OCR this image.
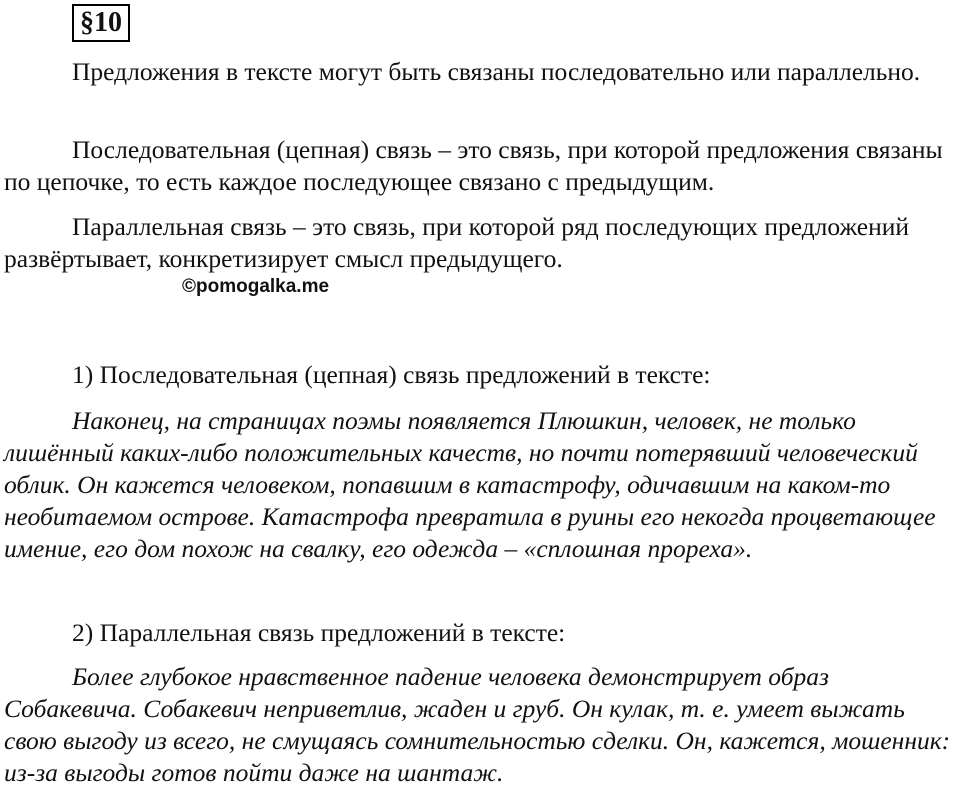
§10

Предложения в тексте могут быть связаны последовательно или параллельно.

Последовательная (цепная) связь – это связь, при которой предложения связаны по цепочке, то есть каждое последующее связано с предыдущим.

Параллельная связь – это связь, при которой ряд последующих предложений развёртывает, конкретизирует смысл предыдущего.

©pomogalka.me

1) Последовательная (цепная) связь предложений в тексте:

Наконец, на страницах поэмы появляется Плюшкин, человек, не только лишённый каких-либо положительных качеств, но почти потерявший человеческий облик. Он кажется человеком, попавшим в катастрофу, одичавшим на каком-то необитаемом острове. Катастрофа превратила в руины его некогда процветающее имение, его дом похож на свалку, его одежда – «сплошная прореха».

2) Параллельная связь предложений в тексте:

Более глубокое нравственное падение человека демонстрирует образ Собакевича. Собакевич неприветлив, жаден и груб. Он кулак, т. е. умеет выжать свою выгоду из всего, не смущаясь сомнительностью сделки. Он, кажется, мошенник: из-за выгоды готов пойти даже на шантаж.
